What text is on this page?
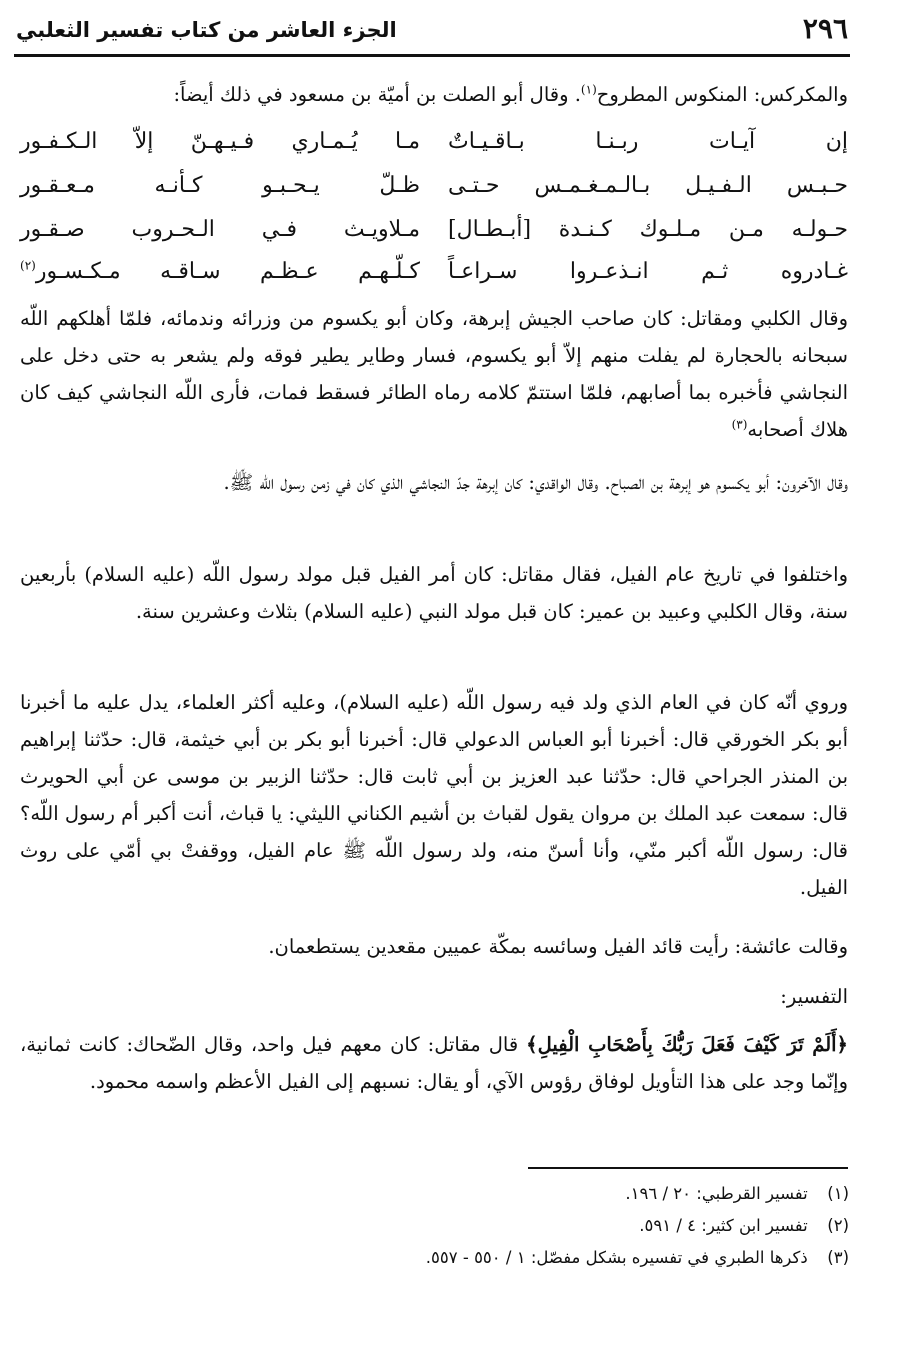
٢٩٦
الجزء العاشر من كتاب تفسير الثعلبي

والمكركس: المنكوس المطروح$^{(١)}$. وقال أبو الصلت بن أميّة بن مسعود في ذلك أيضاً:

إن آيـات ربـنـا بـاقـيـاتٌ
مـا يُـمـاري فـيـهـنّ إلاّ الـكـفـور
حـبـس الـفـيـل بـالـمـغـمـس حـتـى
ظـلّ يـحـبـو كـأنـه مـعـقـور
حـولـه مـن مـلـوك كـنـدة [أبـطـال]
مـلاويـث فـي الـحـروب صـقـور
غـادروه ثـم انـذعـروا سـراعـاً
كـلّـهـم عـظـم سـاقـه مـكـسـور$^{(٢)}$

وقال الكلبي ومقاتل: كان صاحب الجيش إبرهة، وكان أبو يكسوم من وزرائه وندمائه، فلمّا أهلكهم اللّه سبحانه بالحجارة لم يفلت منهم إلاّ أبو يكسوم، فسار وطاير يطير فوقه ولم يشعر به حتى دخل على النجاشي فأخبره بما أصابهم، فلمّا استتمّ كلامه رماه الطائر فسقط فمات، فأرى اللّه النجاشي كيف كان هلاك أصحابه$^{(٣)}$

وقال الآخرون: أبو يكسوم هو إبرهة بن الصباح. وقال الواقدي: كان إبرهة جدّ النجاشي الذي كان في زمن رسول اللّه ﷺ.

واختلفوا في تاريخ عام الفيل، فقال مقاتل: كان أمر الفيل قبل مولد رسول اللّه (عليه السلام) بأربعين سنة، وقال الكلبي وعبيد بن عمير: كان قبل مولد النبي (عليه السلام) بثلاث وعشرين سنة.

وروي أنّه كان في العام الذي ولد فيه رسول اللّه (عليه السلام)، وعليه أكثر العلماء، يدل عليه ما أخبرنا أبو بكر الخورقي قال: أخبرنا أبو العباس الدعولي قال: أخبرنا أبو بكر بن أبي خيثمة، قال: حدّثنا إبراهيم بن المنذر الجراحي قال: حدّثنا عبد العزيز بن أبي ثابت قال: حدّثنا الزبير بن موسى عن أبي الحويرث قال: سمعت عبد الملك بن مروان يقول لقباث بن أشيم الكناني الليثي: يا قباث، أنت أكبر أم رسول اللّه؟ قال: رسول اللّه أكبر منّي، وأنا أسنّ منه، ولد رسول اللّه ﷺ عام الفيل، ووقفتْ بي أمّي على روث الفيل.

وقالت عائشة: رأيت قائد الفيل وسائسه بمكّة عميين مقعدين يستطعمان.

التفسير:

﴿أَلَمْ تَرَ كَيْفَ فَعَلَ رَبُّكَ بِأَصْحَابِ الْفِيلِ﴾ قال مقاتل: كان معهم فيل واحد، وقال الضّحاك: كانت ثمانية، وإنّما وجد على هذا التأويل لوفاق رؤوس الآي، أو يقال: نسبهم إلى الفيل الأعظم واسمه محمود.

(١) تفسير القرطبي: ٢٠ / ١٩٦.
(٢) تفسير ابن كثير: ٤ / ٥٩١.
(٣) ذكرها الطبري في تفسيره بشكل مفصّل: ١ / ٥٥٠ - ٥٥٧.
